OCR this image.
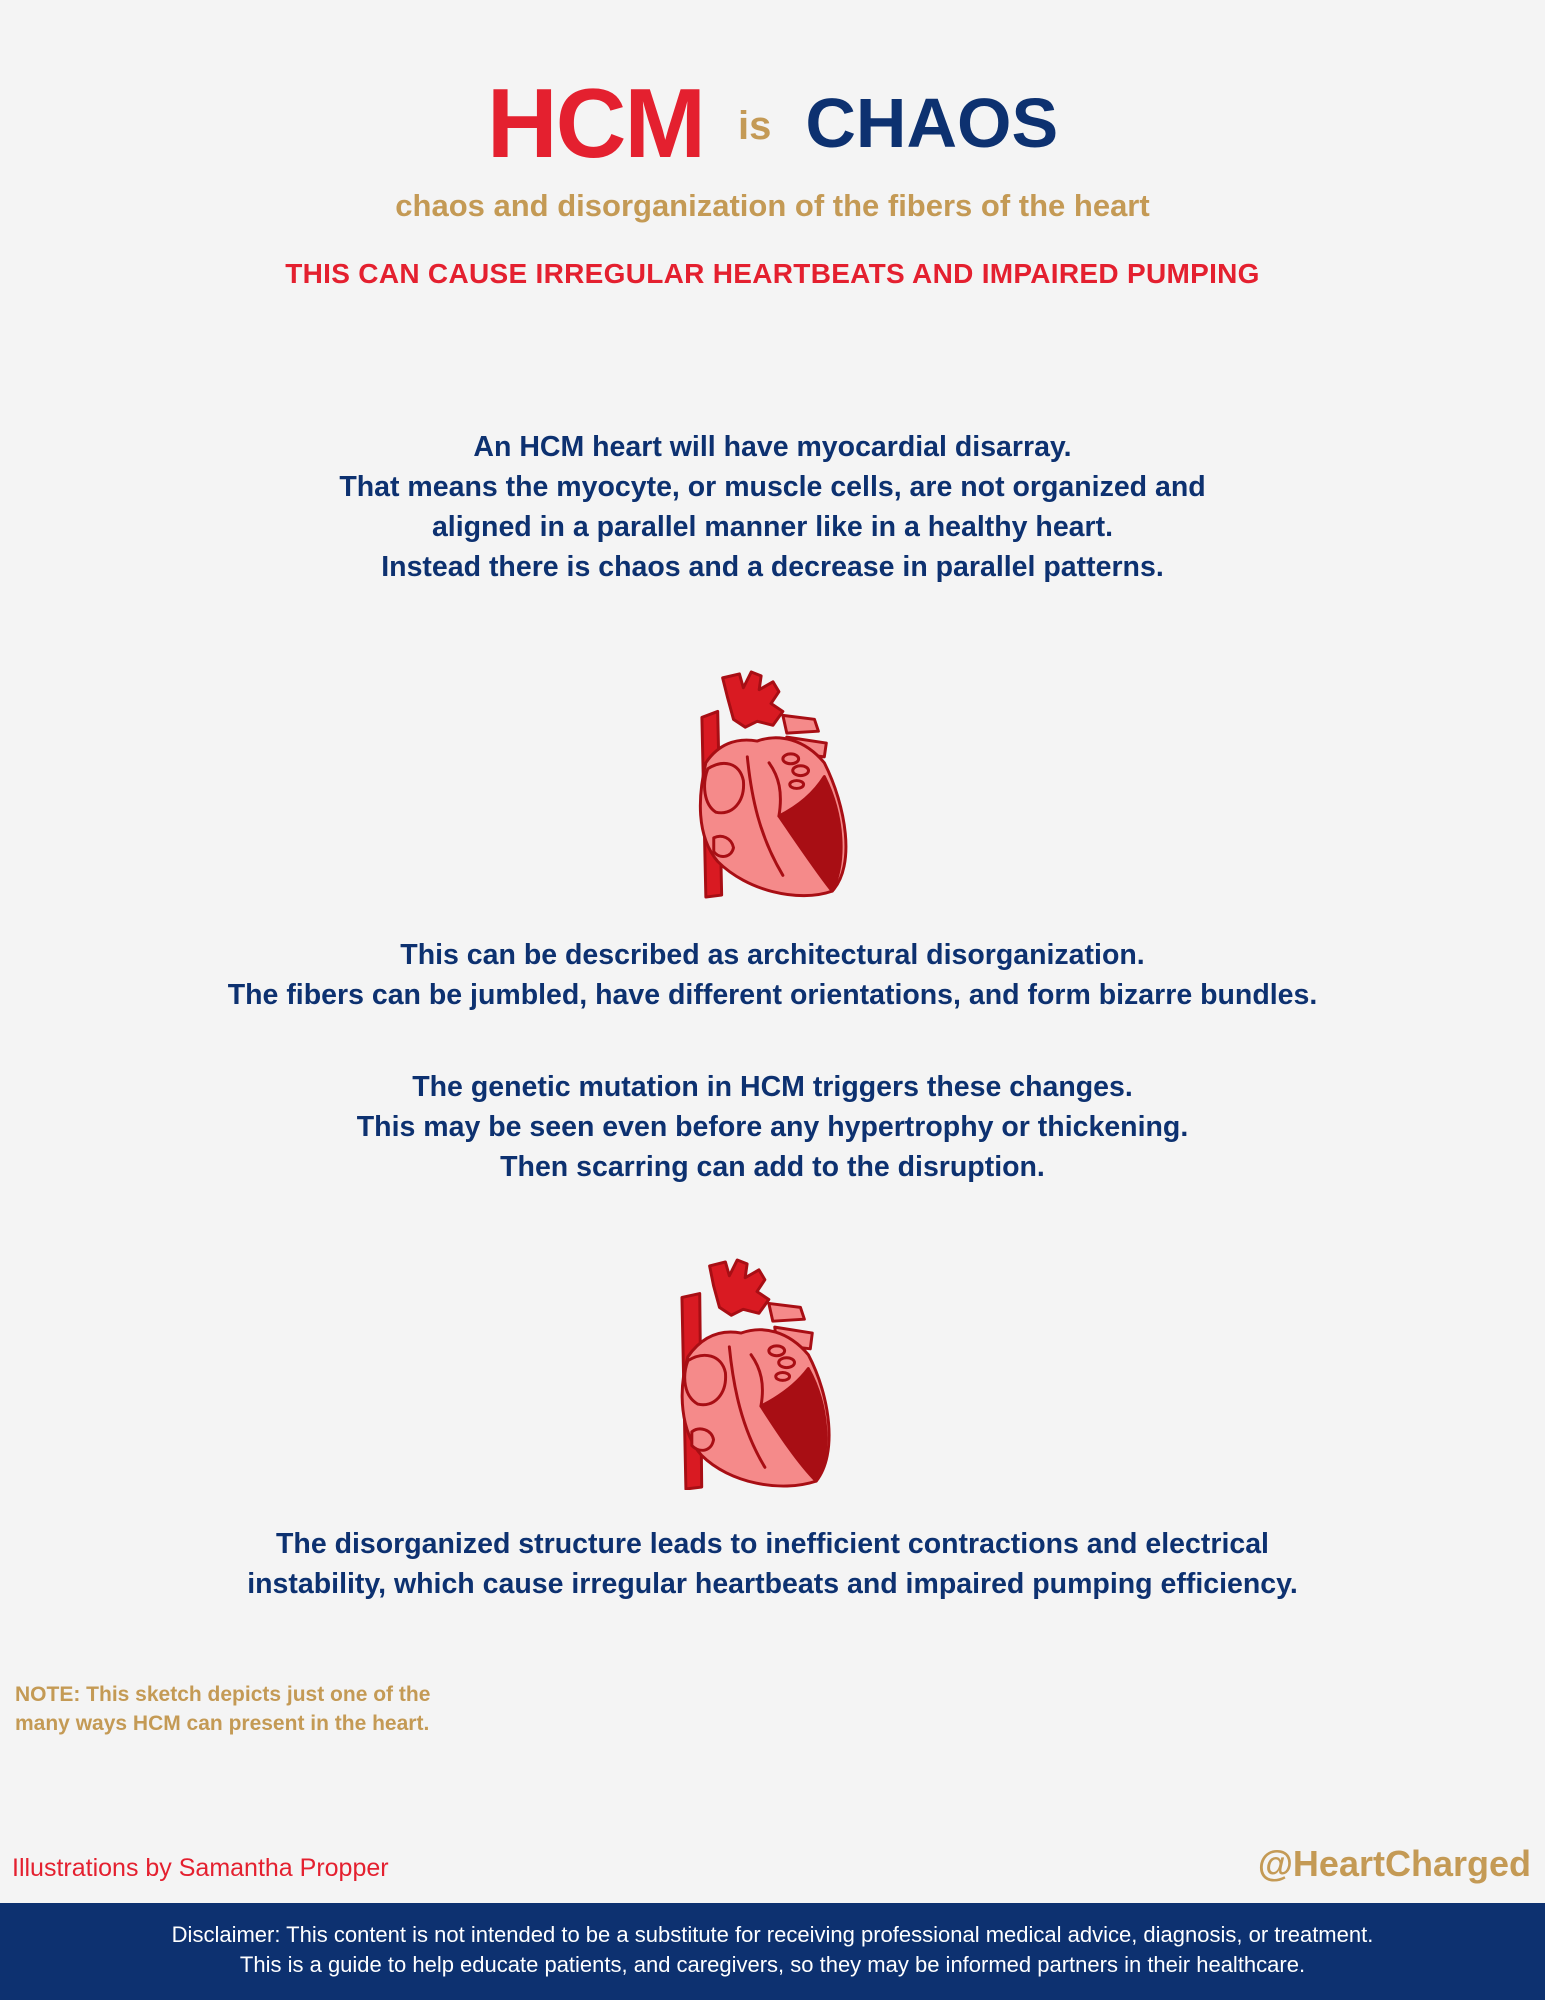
HCM is CHAOS
chaos and disorganization of the fibers of the heart
THIS CAN CAUSE IRREGULAR HEARTBEATS AND IMPAIRED PUMPING
An HCM heart will have myocardial disarray.
That means the myocyte, or muscle cells, are not organized and
aligned in a parallel manner like in a healthy heart.
Instead there is chaos and a decrease in parallel patterns.
This can be described as architectural disorganization.
The fibers can be jumbled, have different orientations, and form bizarre bundles.
The genetic mutation in HCM triggers these changes.
This may be seen even before any hypertrophy or thickening.
Then scarring can add to the disruption.
The disorganized structure leads to inefficient contractions and electrical
instability, which cause irregular heartbeats and impaired pumping efficiency.
NOTE: This sketch depicts just one of the
many ways HCM can present in the heart.
Illustrations by Samantha Propper	@HeartCharged
Disclaimer: This content is not intended to be a substitute for receiving professional medical advice, diagnosis, or treatment.
This is a guide to help educate patients, and caregivers, so they may be informed partners in their healthcare.
